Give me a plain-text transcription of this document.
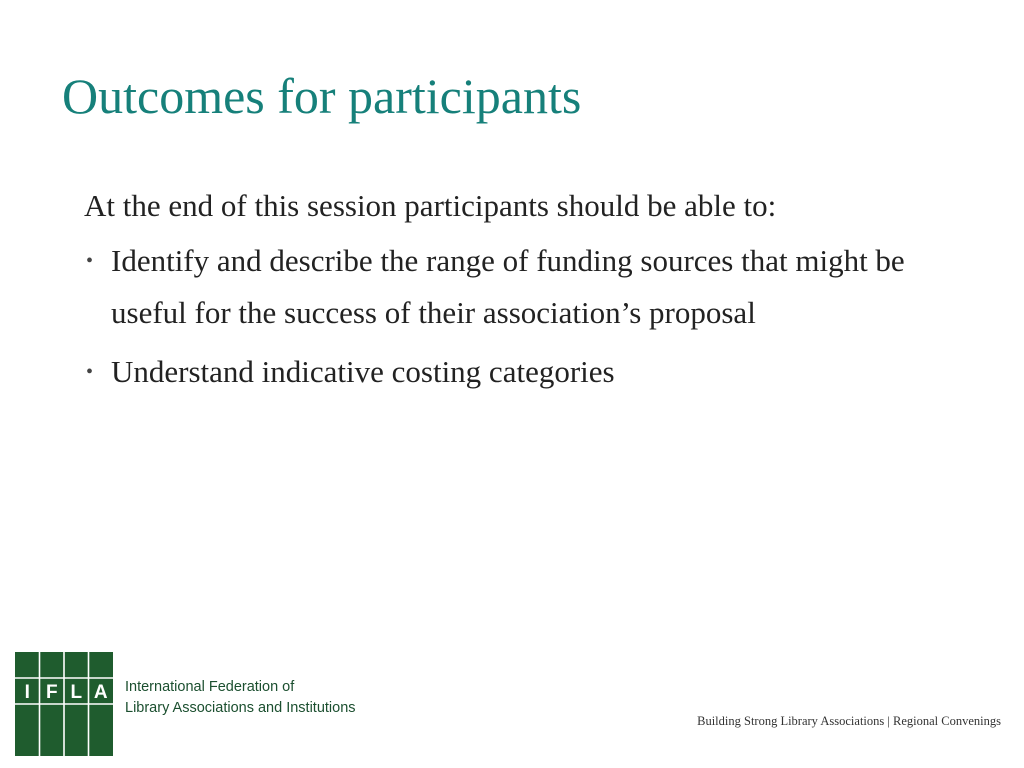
Outcomes for participants

At the end of this session participants should be able to:

• Identify and describe the range of funding sources that might be useful for the success of their association’s proposal
• Understand indicative costing categories
I F L A International Federation of
Library Associations and Institutions
Building Strong Library Associations | Regional Convenings
